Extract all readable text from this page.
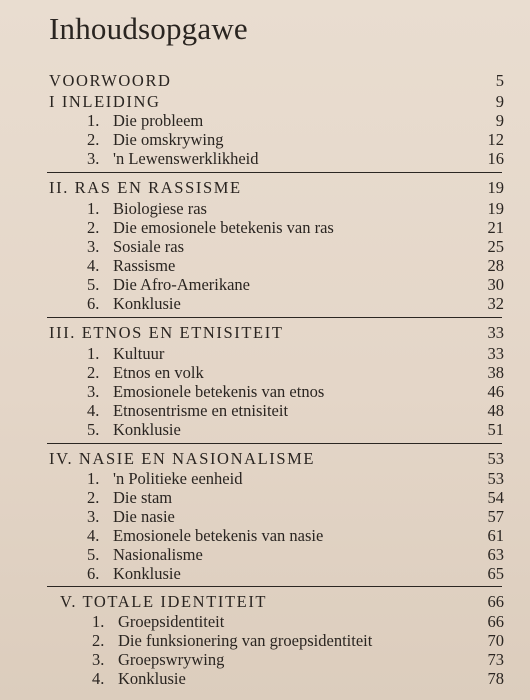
Inhoudsopgawe
VOORWOORD	5
I INLEIDING	9
1. Die probleem	9
2. Die omskrywing	12
3. 'n Lewenswerklikheid	16
II. RAS EN RASSISME	19
1. Biologiese ras	19
2. Die emosionele betekenis van ras	21
3. Sosiale ras	25
4. Rassisme	28
5. Die Afro-Amerikane	30
6. Konklusie	32
III. ETNOS EN ETNISITEIT	33
1. Kultuur	33
2. Etnos en volk	38
3. Emosionele betekenis van etnos	46
4. Etnosentrisme en etnisiteit	48
5. Konklusie	51
IV. NASIE EN NASIONALISME	53
1. 'n Politieke eenheid	53
2. Die stam	54
3. Die nasie	57
4. Emosionele betekenis van nasie	61
5. Nasionalisme	63
6. Konklusie	65
V. TOTALE IDENTITEIT	66
1. Groepsidentiteit	66
2. Die funksionering van groepsidentiteit	70
3. Groepswrywing	73
4. Konklusie	78
